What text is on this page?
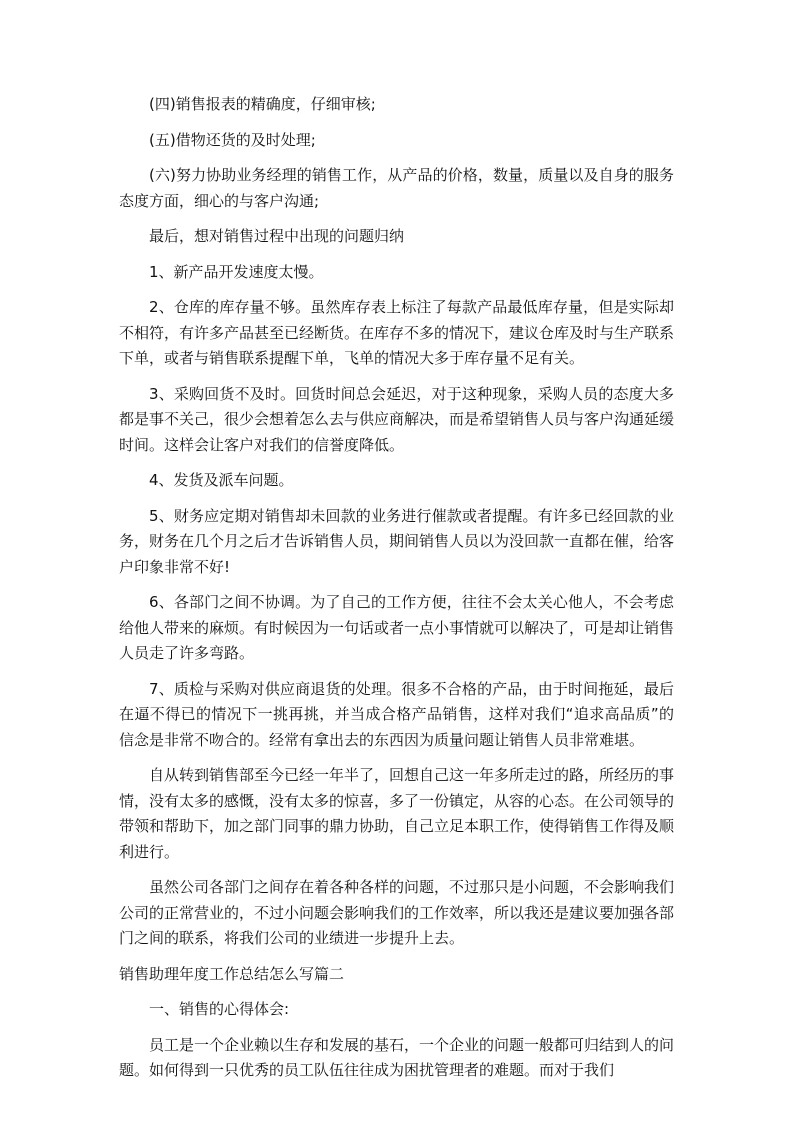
(四)销售报表的精确度，仔细审核;

(五)借物还货的及时处理;

(六)努力协助业务经理的销售工作，从产品的价格，数量，质量以及自身的服务态度方面，细心的与客户沟通;

最后，想对销售过程中出现的问题归纳

1、新产品开发速度太慢。

2、仓库的库存量不够。虽然库存表上标注了每款产品最低库存量，但是实际却不相符，有许多产品甚至已经断货。在库存不多的情况下，建议仓库及时与生产联系下单，或者与销售联系提醒下单，飞单的情况大多于库存量不足有关。

3、采购回货不及时。回货时间总会延迟，对于这种现象，采购人员的态度大多都是事不关己，很少会想着怎么去与供应商解决，而是希望销售人员与客户沟通延缓时间。这样会让客户对我们的信誉度降低。

4、发货及派车问题。

5、财务应定期对销售却未回款的业务进行催款或者提醒。有许多已经回款的业务，财务在几个月之后才告诉销售人员，期间销售人员以为没回款一直都在催，给客户印象非常不好!

6、各部门之间不协调。为了自己的工作方便，往往不会太关心他人，不会考虑给他人带来的麻烦。有时候因为一句话或者一点小事情就可以解决了，可是却让销售人员走了许多弯路。

7、质检与采购对供应商退货的处理。很多不合格的产品，由于时间拖延，最后在逼不得已的情况下一挑再挑，并当成合格产品销售，这样对我们“追求高品质”的信念是非常不吻合的。经常有拿出去的东西因为质量问题让销售人员非常难堪。

自从转到销售部至今已经一年半了，回想自己这一年多所走过的路，所经历的事情，没有太多的感慨，没有太多的惊喜，多了一份镇定，从容的心态。在公司领导的带领和帮助下，加之部门同事的鼎力协助，自己立足本职工作，使得销售工作得及顺利进行。

虽然公司各部门之间存在着各种各样的问题，不过那只是小问题，不会影响我们公司的正常营业的，不过小问题会影响我们的工作效率，所以我还是建议要加强各部门之间的联系，将我们公司的业绩进一步提升上去。

销售助理年度工作总结怎么写篇二

一、销售的心得体会:

员工是一个企业赖以生存和发展的基石，一个企业的问题一般都可归结到人的问题。如何得到一只优秀的员工队伍往往成为困扰管理者的难题。而对于我们
